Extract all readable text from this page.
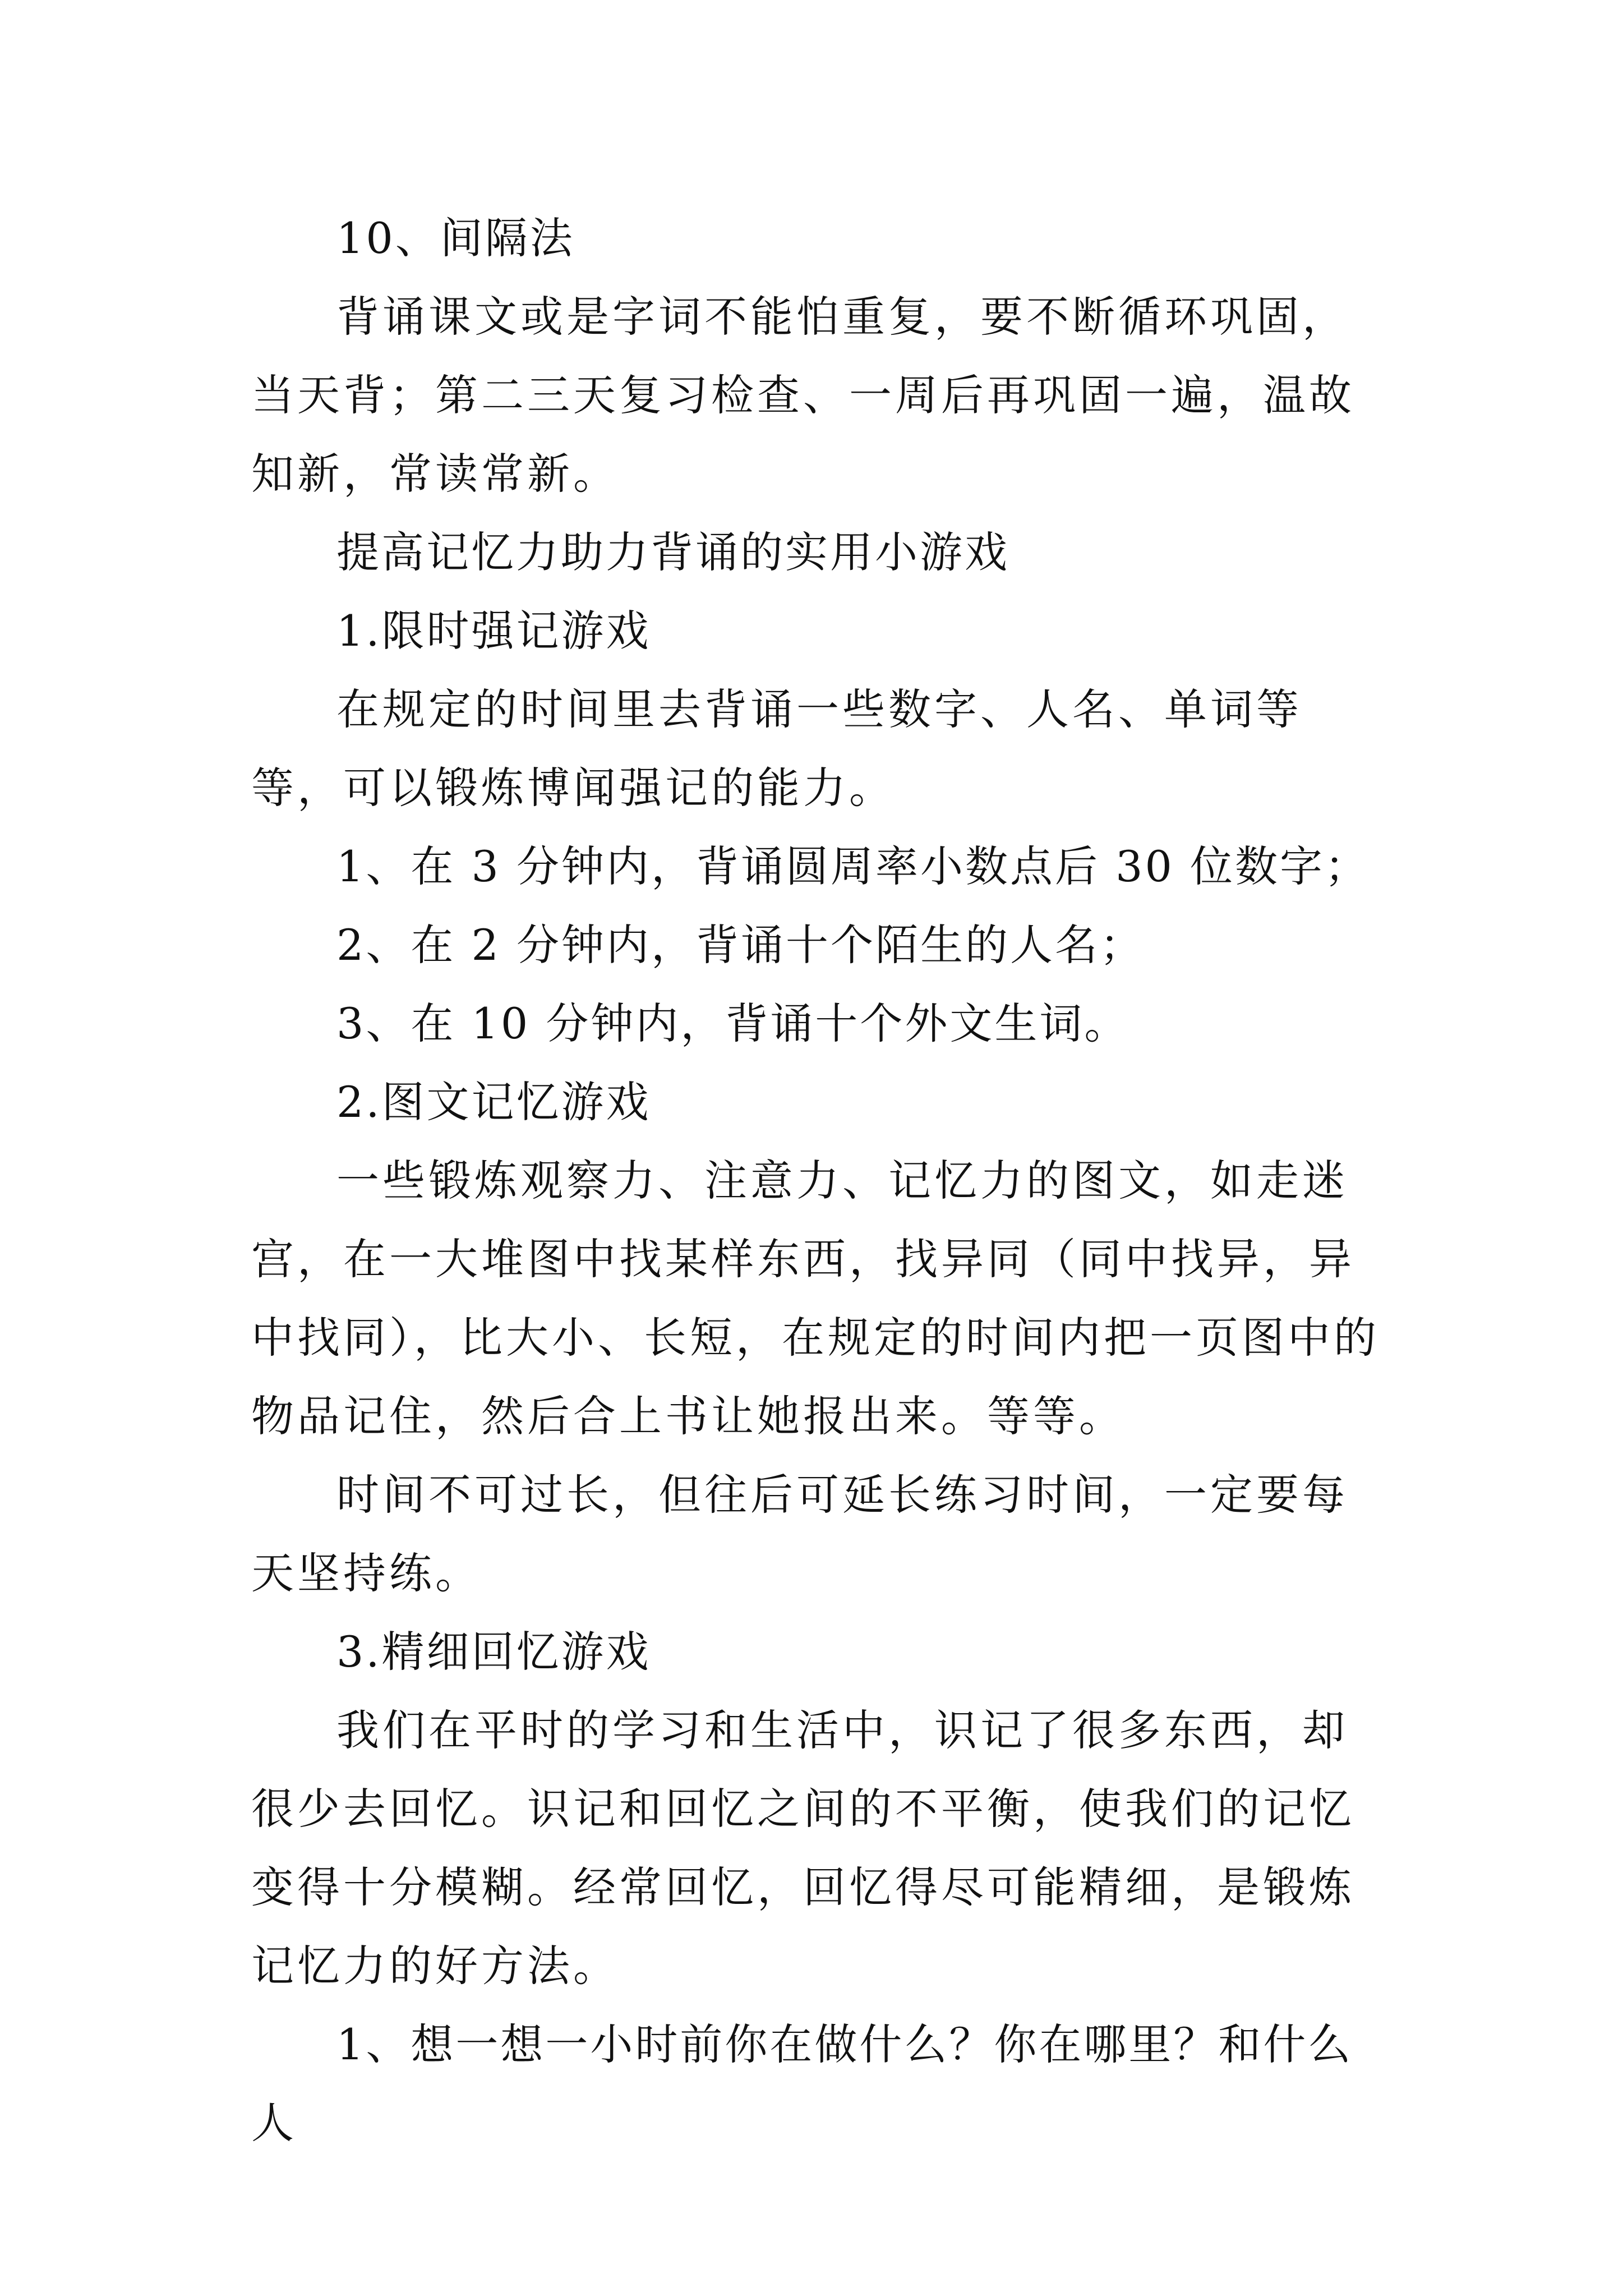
10、间隔法

背诵课文或是字词不能怕重复，要不断循环巩固，当天背；第二三天复习检查、一周后再巩固一遍，温故知新，常读常新。

提高记忆力助力背诵的实用小游戏

1.限时强记游戏

在规定的时间里去背诵一些数字、人名、单词等等，可以锻炼博闻强记的能力。

1、在 3 分钟内，背诵圆周率小数点后 30 位数字；

2、在 2 分钟内，背诵十个陌生的人名；

3、在 10 分钟内，背诵十个外文生词。

2.图文记忆游戏

一些锻炼观察力、注意力、记忆力的图文，如走迷宫，在一大堆图中找某样东西，找异同（同中找异，异中找同），比大小、长短，在规定的时间内把一页图中的物品记住，然后合上书让她报出来。等等。

时间不可过长，但往后可延长练习时间，一定要每天坚持练。

3.精细回忆游戏

我们在平时的学习和生活中，识记了很多东西，却很少去回忆。识记和回忆之间的不平衡，使我们的记忆变得十分模糊。经常回忆，回忆得尽可能精细，是锻炼记忆力的好方法。

1、想一想一小时前你在做什么？你在哪里？和什么人
